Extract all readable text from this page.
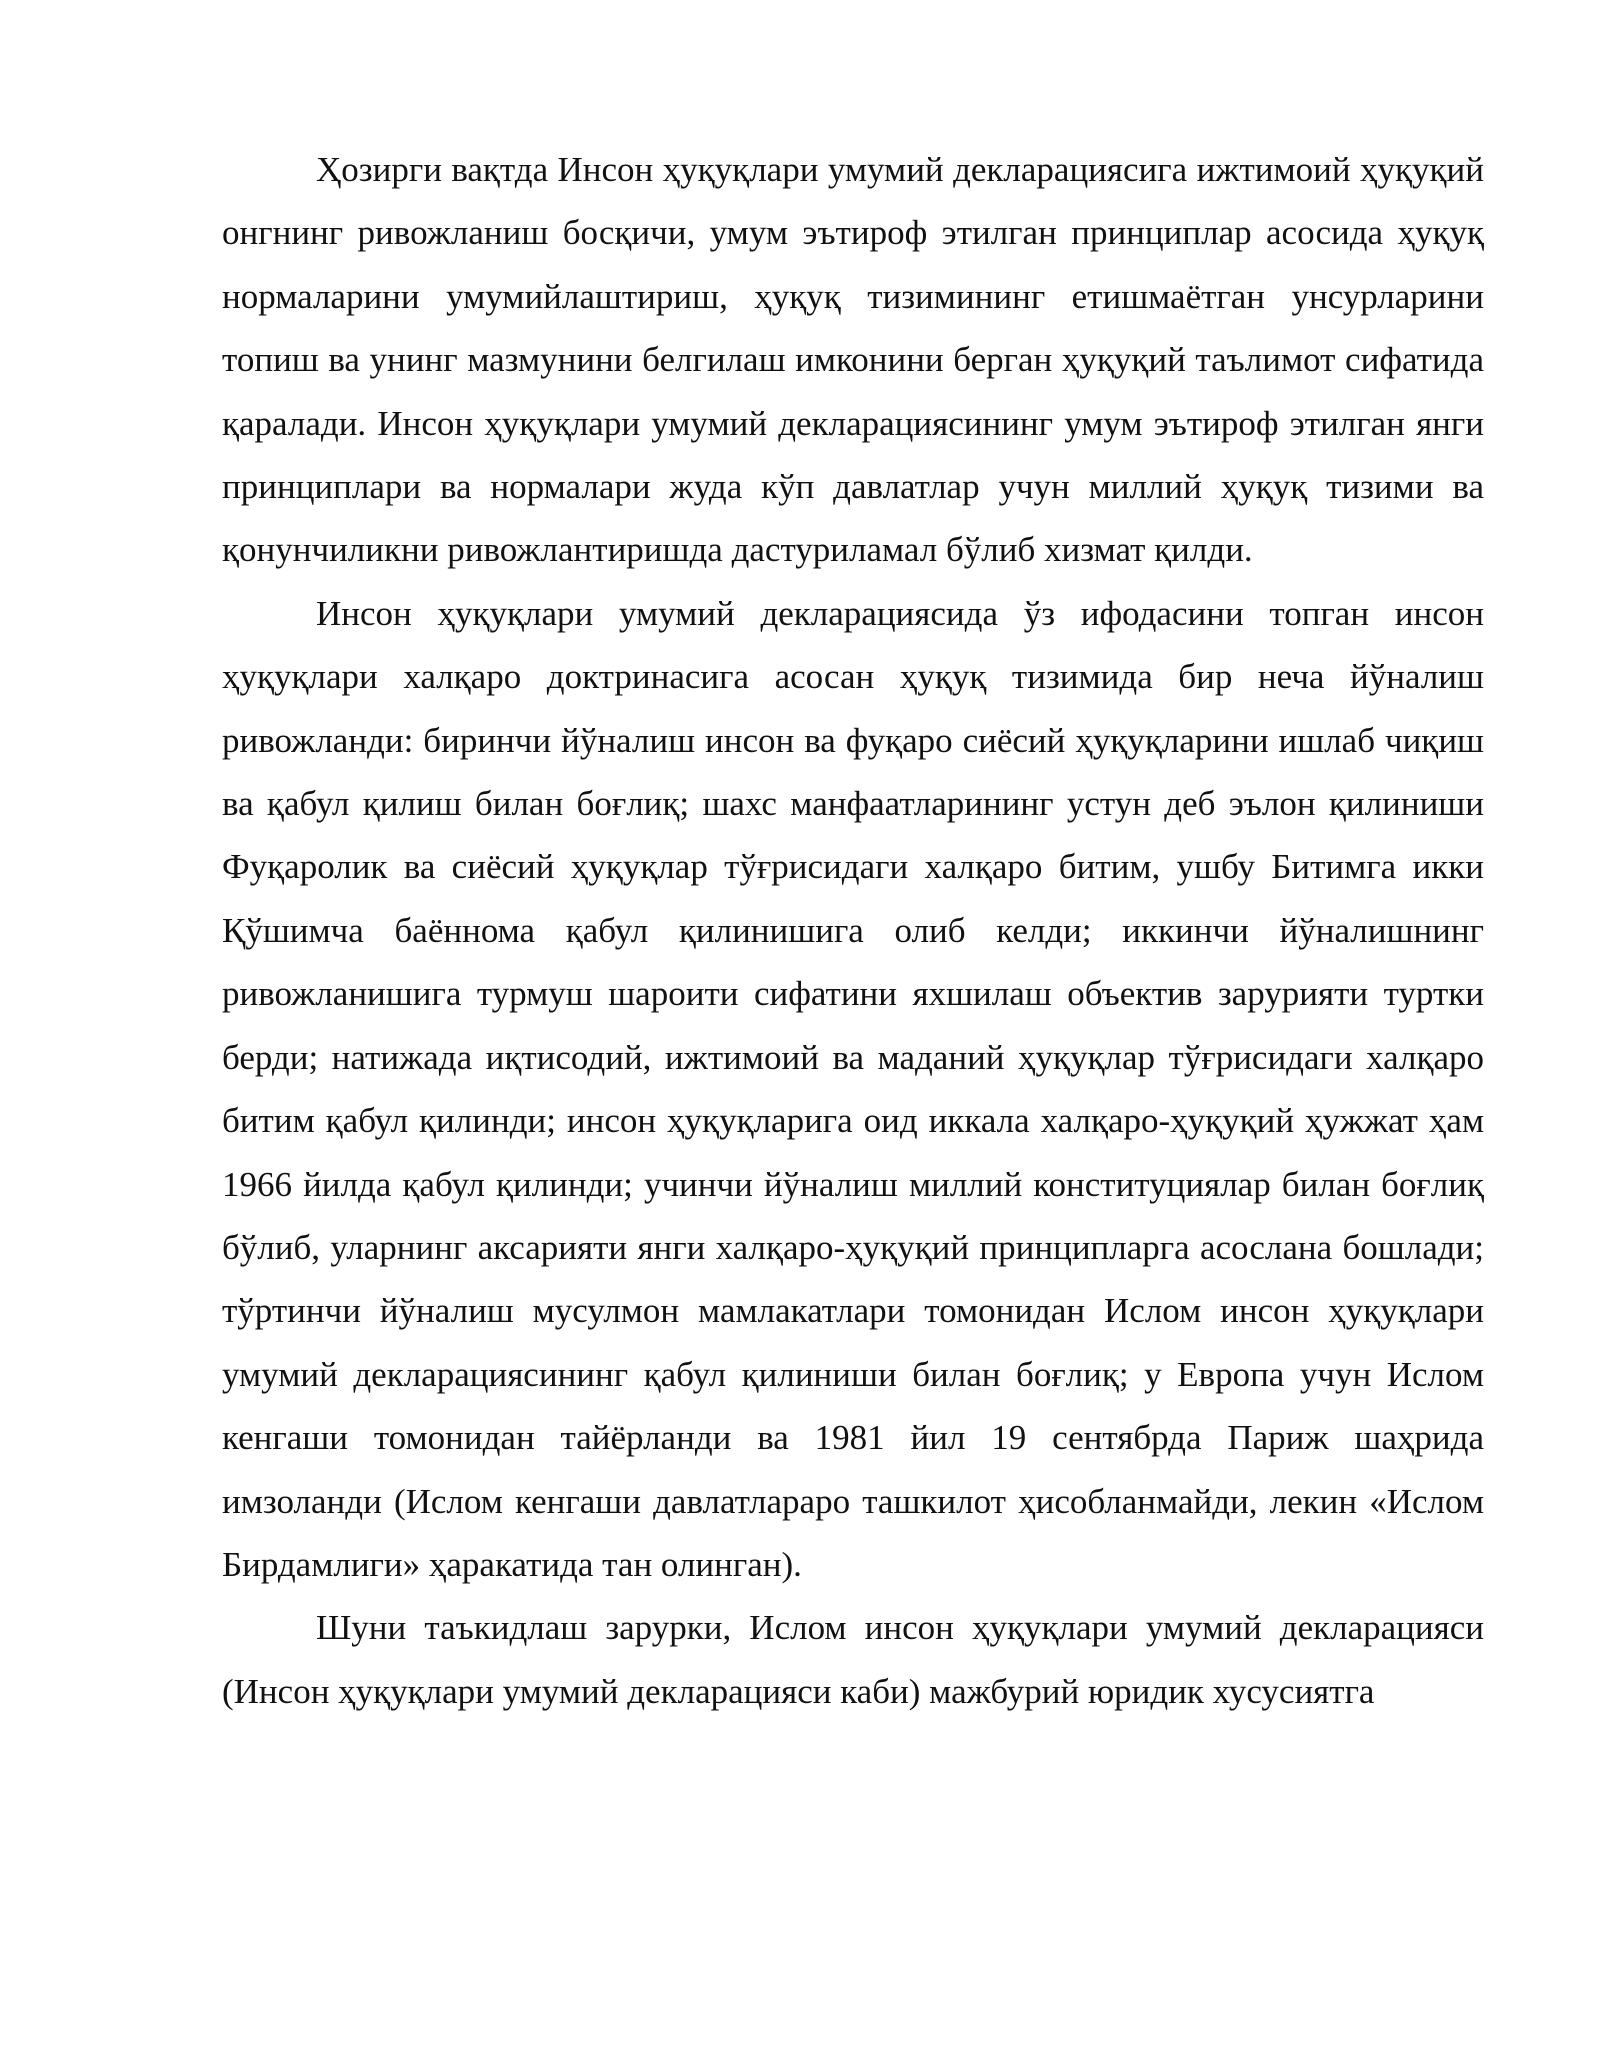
Ҳозирги вақтда Инсон ҳуқуқлари умумий декларациясига ижтимоий ҳуқуқий онгнинг ривожланиш босқичи, умум эътироф этилган принциплар асосида ҳуқуқ нормаларини умумийлаштириш, ҳуқуқ тизимининг етишмаётган унсурларини топиш ва унинг мазмунини белгилаш имконини берган ҳуқуқий таълимот сифатида қаралади. Инсон ҳуқуқлари умумий декларациясининг умум эътироф этилган янги принциплари ва нормалари жуда кўп давлатлар учун миллий ҳуқуқ тизими ва қонунчиликни ривожлантиришда дастуриламал бўлиб хизмат қилди.

Инсон ҳуқуқлари умумий декларациясида ўз ифодасини топган инсон ҳуқуқлари халқаро доктринасига асосан ҳуқуқ тизимида бир неча йўналиш ривожланди: биринчи йўналиш инсон ва фуқаро сиёсий ҳуқуқларини ишлаб чиқиш ва қабул қилиш билан боғлиқ; шахс манфаатларининг устун деб эълон қилиниши Фуқаролик ва сиёсий ҳуқуқлар тўғрисидаги халқаро битим, ушбу Битимга икки Қўшимча баённома қабул қилинишига олиб келди; иккинчи йўналишнинг ривожланишига турмуш шароити сифатини яхшилаш объектив зарурияти туртки берди; натижада иқтисодий, ижтимоий ва маданий ҳуқуқлар тўғрисидаги халқаро битим қабул қилинди; инсон ҳуқуқларига оид иккала халқаро-ҳуқуқий ҳужжат ҳам 1966 йилда қабул қилинди; учинчи йўналиш миллий конституциялар билан боғлиқ бўлиб, уларнинг аксарияти янги халқаро-ҳуқуқий принципларга асослана бошлади; тўртинчи йўналиш мусулмон мамлакатлари томонидан Ислом инсон ҳуқуқлари умумий декларациясининг қабул қилиниши билан боғлиқ; у Европа учун Ислом кенгаши томонидан тайёрланди ва 1981 йил 19 сентябрда Париж шаҳрида имзоланди (Ислом кенгаши давлатлараро ташкилот ҳисобланмайди, лекин «Ислом Бирдамлиги» ҳаракатида тан олинган).

Шуни таъкидлаш зарурки, Ислом инсон ҳуқуқлари умумий декларацияси (Инсон ҳуқуқлари умумий декларацияси каби) мажбурий юридик хусусиятга
